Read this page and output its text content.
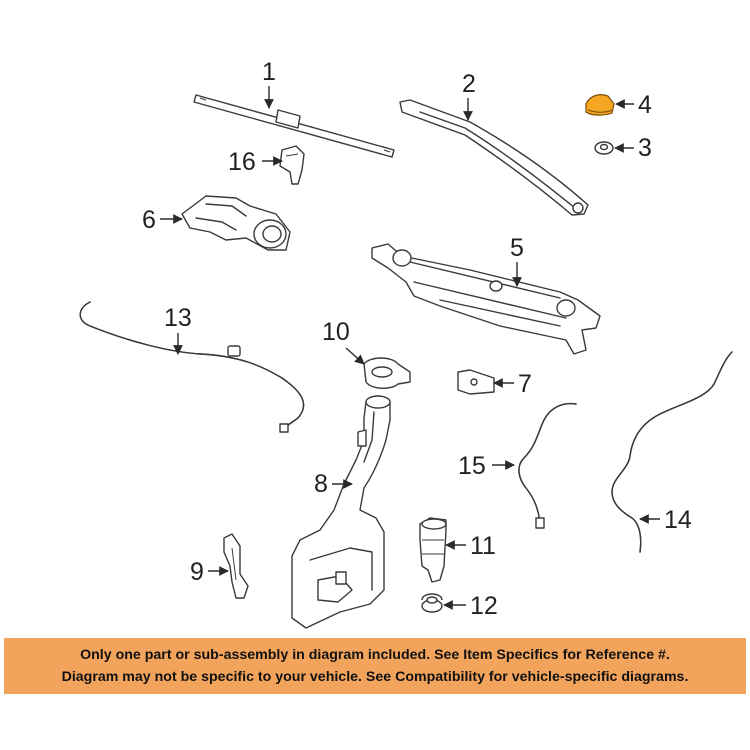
1	2
4
3
16
6
5
13	10
7
8
9
11
12
15
14
Only one part or sub-assembly in diagram included. See Item Specifics for Reference #.
Diagram may not be specific to your vehicle. See Compatibility for vehicle-specific diagrams.
